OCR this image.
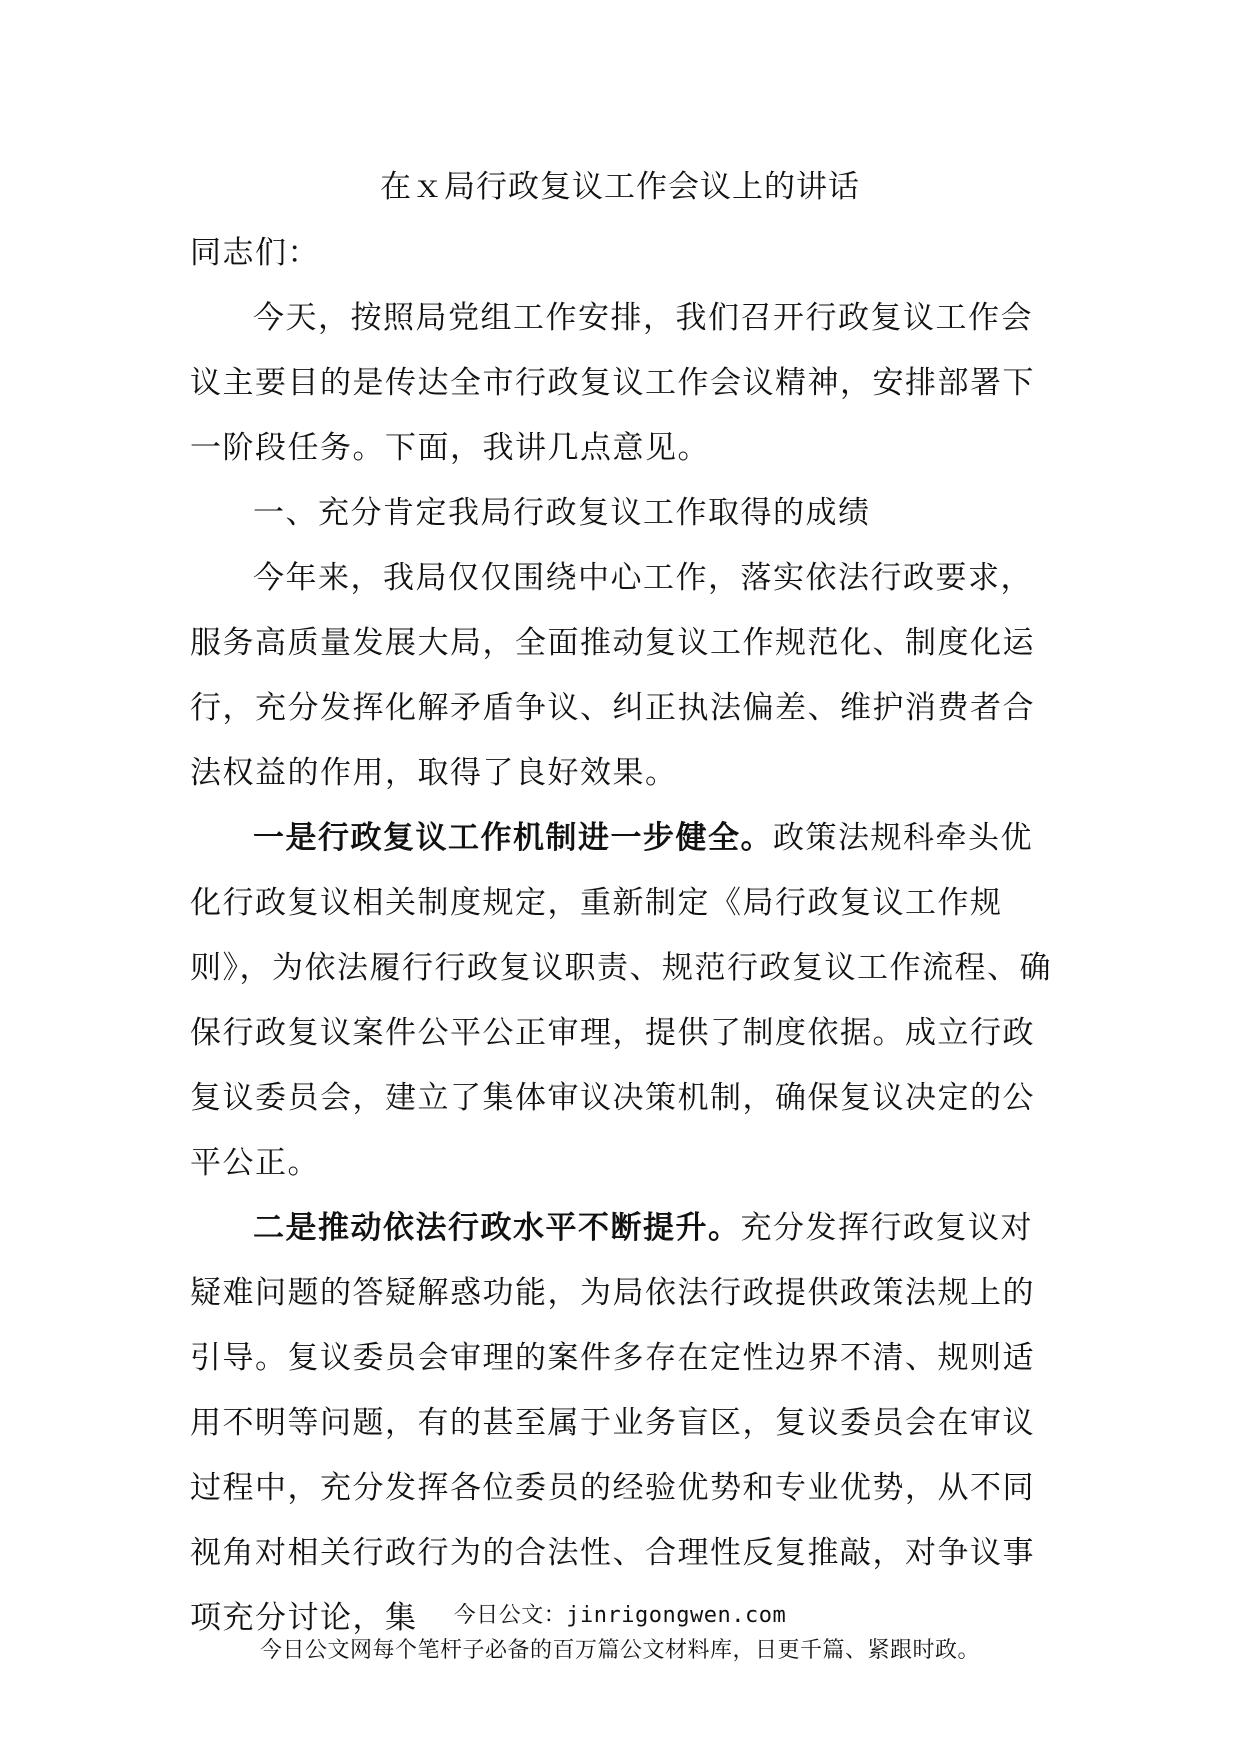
在ｘ局行政复议工作会议上的讲话

同志们：

今天，按照局党组工作安排，我们召开行政复议工作会议主要目的是传达全市行政复议工作会议精神，安排部署下一阶段任务。下面，我讲几点意见。

一、充分肯定我局行政复议工作取得的成绩

今年来，我局仅仅围绕中心工作，落实依法行政要求，服务高质量发展大局，全面推动复议工作规范化、制度化运行，充分发挥化解矛盾争议、纠正执法偏差、维护消费者合法权益的作用，取得了良好效果。

一是行政复议工作机制进一步健全。政策法规科牵头优化行政复议相关制度规定，重新制定《局行政复议工作规则》，为依法履行行政复议职责、规范行政复议工作流程、确保行政复议案件公平公正审理，提供了制度依据。成立行政复议委员会，建立了集体审议决策机制，确保复议决定的公平公正。

二是推动依法行政水平不断提升。充分发挥行政复议对疑难问题的答疑解惑功能，为局依法行政提供政策法规上的引导。复议委员会审理的案件多存在定性边界不清、规则适用不明等问题，有的甚至属于业务盲区，复议委员会在审议过程中，充分发挥各位委员的经验优势和专业优势，从不同视角对相关行政行为的合法性、合理性反复推敲，对争议事项充分讨论，集	今日公文：jinrigongwen.com
今日公文网每个笔杆子必备的百万篇公文材料库，日更千篇、紧跟时政。
